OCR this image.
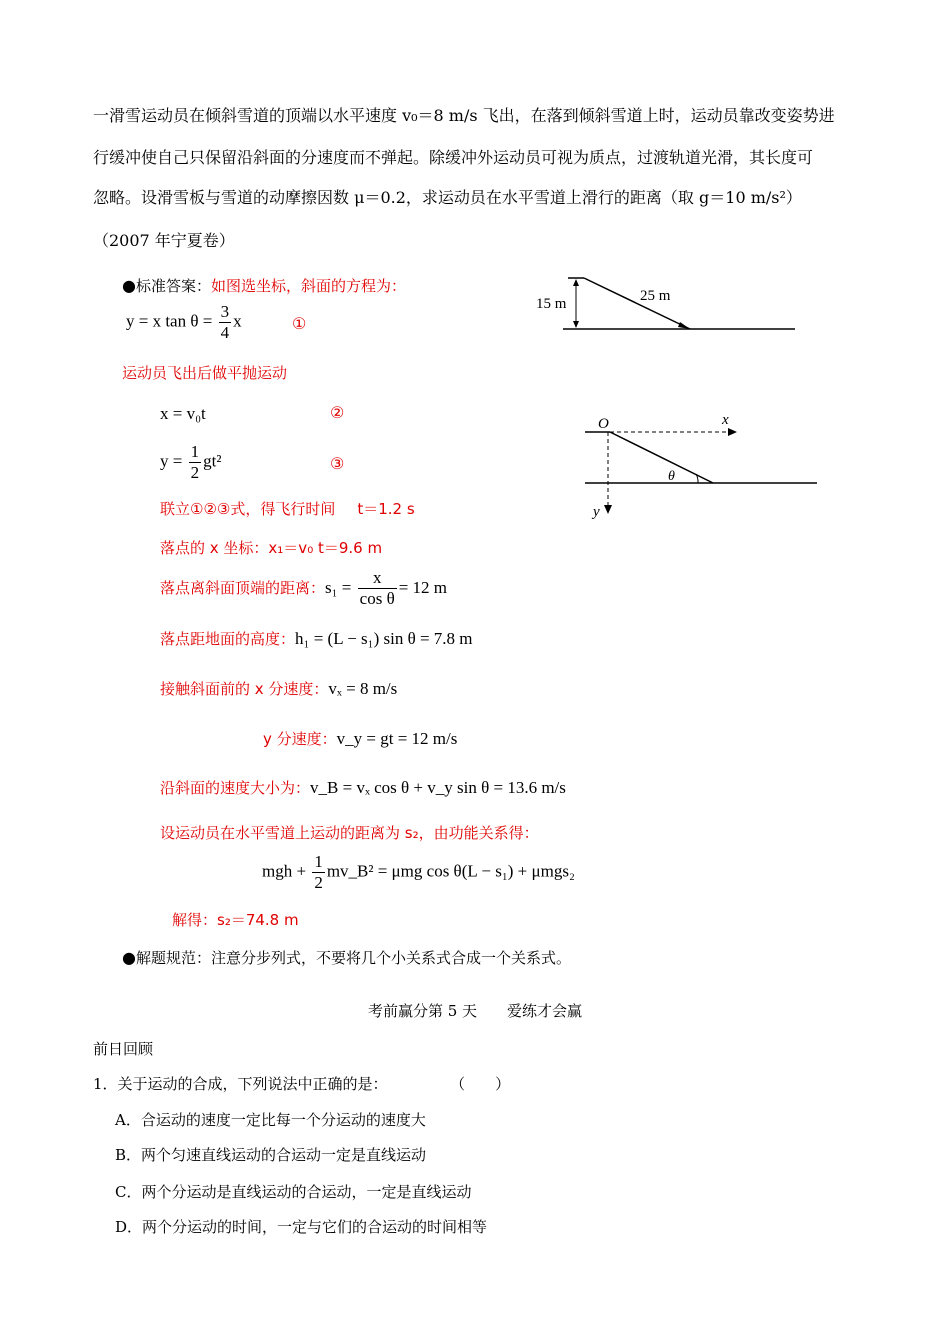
一滑雪运动员在倾斜雪道的顶端以水平速度 v₀＝8 m/s 飞出，在落到倾斜雪道上时，运动员靠改变姿势进
行缓冲使自己只保留沿斜面的分速度而不弹起。除缓冲外运动员可视为质点，过渡轨道光滑，其长度可
忽略。设滑雪板与雪道的动摩擦因数 μ＝0.2，求运动员在水平雪道上滑行的距离（取 g＝10 m/s²）
（2007 年宁夏卷）
●标准答案：如图选坐标，斜面的方程为：
y = x $\tan \theta = \frac{3}{4}$ x	①
运动员飞出后做平抛运动
x = v₀t	②
$y = \frac{1}{2} gt^2$	③
联立①②③式，得飞行时间 t＝1.2 s
落点的 x 坐标：x₁＝v₀ t＝9.6 m
落点离斜面顶端的距离：$s_1 = \frac{x}{\text{cos θ}} = 12$ m
落点距地面的高度：h₁ = (L − s₁) sin θ = 7.8 m
接触斜面前的 x 分速度：vₓ = 8 m/s
y 分速度：v_y = gt = 12 m/s
沿斜面的速度大小为：v_B = vₓ cos θ + v_y sin θ = 13.6 m/s
设运动员在水平雪道上运动的距离为 s₂，由功能关系得：
mgh + $\frac{1}{2}$ mv_B² = μmg cos θ(L − s₁) + μmgs₂
解得：s₂＝74.8 m
●解题规范：注意分步列式，不要将几个小关系式合成一个关系式。
15 m	25 m
O	x
y
θ
考前赢分第 5 天　　爱练才会赢
前日回顾
1．关于运动的合成，下列说法中正确的是：	（　　）
A．合运动的速度一定比每一个分运动的速度大
B．两个匀速直线运动的合运动一定是直线运动
C．两个分运动是直线运动的合运动，一定是直线运动
D．两个分运动的时间，一定与它们的合运动的时间相等
